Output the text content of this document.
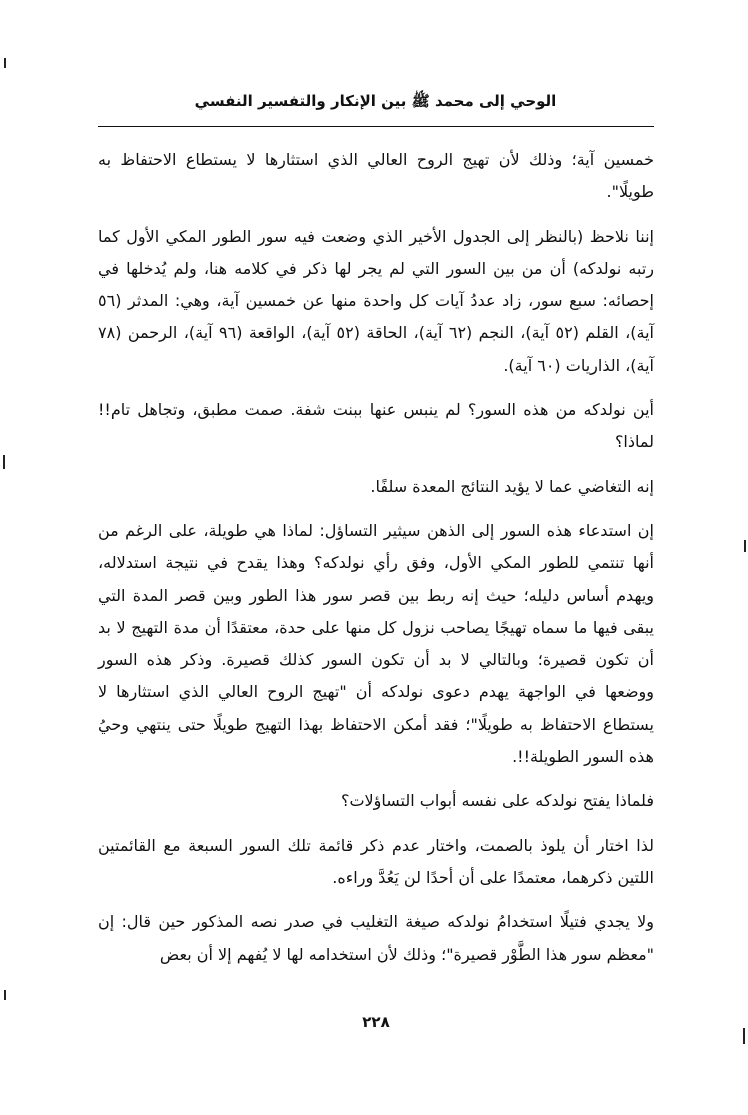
الوحي إلى محمد ﷺ بين الإنكار والتفسير النفسي

خمسين آية؛ وذلك لأن تهيج الروح العالي الذي استثارها لا يستطاع الاحتفاظ به طويلًا".

إننا نلاحظ (بالنظر إلى الجدول الأخير الذي وضعت فيه سور الطور المكي الأول كما رتبه نولدكه) أن من بين السور التي لم يجر لها ذكر في كلامه هنا، ولم يُدخلها في إحصائه: سبع سور، زاد عددُ آيات كل واحدة منها عن خمسين آية، وهي: المدثر (٥٦ آية)، القلم (٥٢ آية)، النجم (٦٢ آية)، الحاقة (٥٢ آية)، الواقعة (٩٦ آية)، الرحمن (٧٨ آية)، الذاريات (٦٠ آية).

أين نولدكه من هذه السور؟ لم ينبس عنها ببنت شفة. صمت مطبق، وتجاهل تام!! لماذا؟

إنه التغاضي عما لا يؤيد النتائج المعدة سلفًا.

إن استدعاء هذه السور إلى الذهن سيثير التساؤل: لماذا هي طويلة، على الرغم من أنها تنتمي للطور المكي الأول، وفق رأي نولدكه؟ وهذا يقدح في نتيجة استدلاله، ويهدم أساس دليله؛ حيث إنه ربط بين قصر سور هذا الطور وبين قصر المدة التي يبقى فيها ما سماه تهيجًا يصاحب نزول كل منها على حدة، معتقدًا أن مدة التهيج لا بد أن تكون قصيرة؛ وبالتالي لا بد أن تكون السور كذلك قصيرة. وذكر هذه السور ووضعها في الواجهة يهدم دعوى نولدكه أن "تهيج الروح العالي الذي استثارها لا يستطاع الاحتفاظ به طويلًا"؛ فقد أمكن الاحتفاظ بهذا التهيج طويلًا حتى ينتهي وحيُ هذه السور الطويلة!!.

فلماذا يفتح نولدكه على نفسه أبواب التساؤلات؟

لذا اختار أن يلوذ بالصمت، واختار عدم ذكر قائمة تلك السور السبعة مع القائمتين اللتين ذكرهما، معتمدًا على أن أحدًا لن يَعُدَّ وراءه.

ولا يجدي فتيلًا استخدامُ نولدكه صيغة التغليب في صدر نصه المذكور حين قال: إن "معظم سور هذا الطَّوْر قصيرة"؛ وذلك لأن استخدامه لها لا يُفهم إلا أن بعض

٢٢٨
